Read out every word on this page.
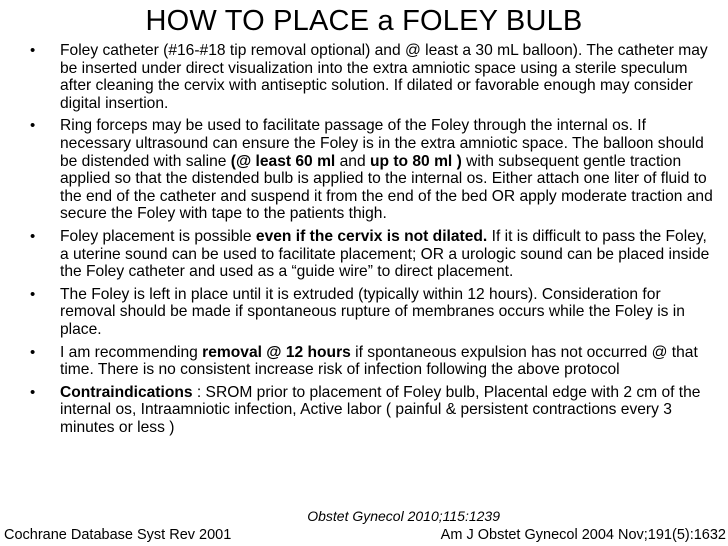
HOW TO PLACE a FOLEY BULB
• Foley catheter (#16-#18 tip removal optional) and @ least a 30 mL balloon). The catheter may be inserted under direct visualization into the extra amniotic space using a sterile speculum after cleaning the cervix with antiseptic solution. If dilated or favorable enough may consider digital insertion.
• Ring forceps may be used to facilitate passage of the Foley through the internal os. If necessary ultrasound can ensure the Foley is in the extra amniotic space. The balloon should be distended with saline (@ least 60 ml and up to 80 ml ) with subsequent gentle traction applied so that the distended bulb is applied to the internal os. Either attach one liter of fluid to the end of the catheter and suspend it from the end of the bed OR apply moderate traction and secure the Foley with tape to the patients thigh.
• Foley placement is possible even if the cervix is not dilated. If it is difficult to pass the Foley, a uterine sound can be used to facilitate placement; OR a urologic sound can be placed inside the Foley catheter and used as a “guide wire” to direct placement.
• The Foley is left in place until it is extruded (typically within 12 hours). Consideration for removal should be made if spontaneous rupture of membranes occurs while the Foley is in place.
• I am recommending removal @ 12 hours if spontaneous expulsion has not occurred @ that time. There is no consistent increase risk of infection following the above protocol
• Contraindications : SROM prior to placement of Foley bulb, Placental edge with 2 cm of the internal os, Intraamniotic infection, Active labor ( painful & persistent contractions every 3 minutes or less )
Obstet Gynecol 2010;115:1239
Cochrane Database Syst Rev 2001	Am J Obstet Gynecol 2004 Nov;191(5):1632
